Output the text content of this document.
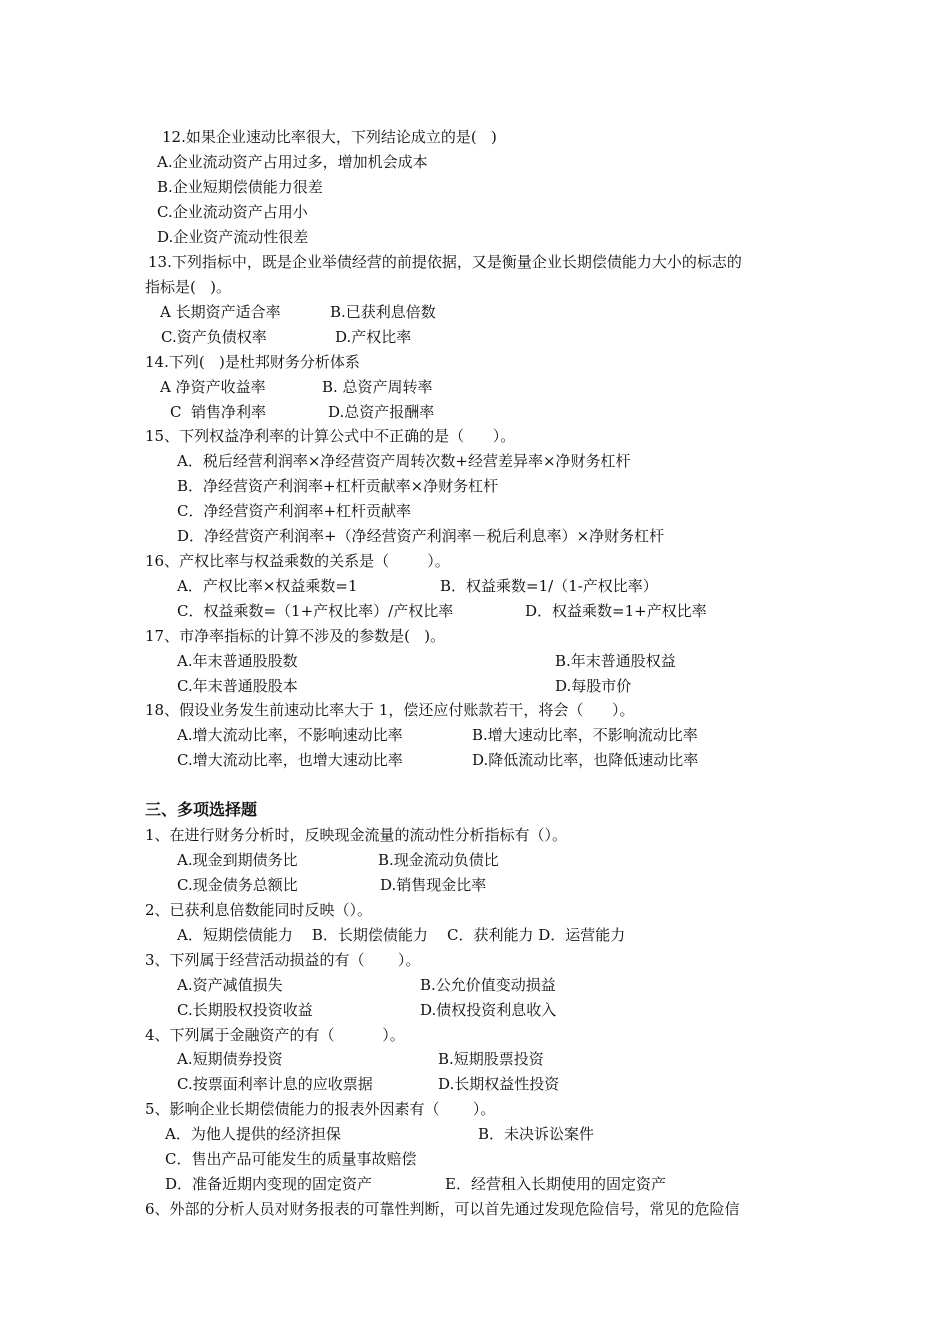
12.如果企业速动比率很大，下列结论成立的是(   )
A.企业流动资产占用过多，增加机会成本
B.企业短期偿债能力很差
C.企业流动资产占用小
D.企业资产流动性很差
13.下列指标中，既是企业举债经营的前提依据，又是衡量企业长期偿债能力大小的标志的
指标是(   )。
A 长期资产适合率	B.已获利息倍数
C.资产负债权率	D.产权比率
14.下列(   )是杜邦财务分析体系
A 净资产收益率	B. 总资产周转率
C  销售净利率	D.总资产报酬率
15、下列权益净利率的计算公式中不正确的是（      ）。
A．税后经营利润率×净经营资产周转次数+经营差异率×净财务杠杆
B．净经营资产利润率+杠杆贡献率×净财务杠杆
C．净经营资产利润率+杠杆贡献率
D．净经营资产利润率+（净经营资产利润率－税后利息率）×净财务杠杆
16、产权比率与权益乘数的关系是（        ）。
A．产权比率×权益乘数=1	B．权益乘数=1/（1-产权比率）
C．权益乘数=（1+产权比率）/产权比率	D．权益乘数=1+产权比率
17、市净率指标的计算不涉及的参数是(   )。
A.年末普通股股数	B.年末普通股权益
C.年末普通股股本	D.每股市价
18、假设业务发生前速动比率大于 1，偿还应付账款若干，将会（      ）。
A.增大流动比率，不影响速动比率	B.增大速动比率，不影响流动比率
C.增大流动比率，也增大速动比率	D.降低流动比率，也降低速动比率
三、多项选择题
1、在进行财务分析时，反映现金流量的流动性分析指标有（）。
A.现金到期债务比	B.现金流动负债比
C.现金债务总额比	D.销售现金比率
2、已获利息倍数能同时反映（）。
A．短期偿债能力    B．长期偿债能力    C．获利能力 D．运营能力
3、下列属于经营活动损益的有（       ）。
A.资产减值损失	B.公允价值变动损益
C.长期股权投资收益	D.债权投资利息收入
4、下列属于金融资产的有（          ）。
A.短期债券投资	B.短期股票投资
C.按票面利率计息的应收票据	D.长期权益性投资
5、影响企业长期偿债能力的报表外因素有（       ）。
A．为他人提供的经济担保	B．未决诉讼案件
C．售出产品可能发生的质量事故赔偿
D．准备近期内变现的固定资产	E．经营租入长期使用的固定资产
6、外部的分析人员对财务报表的可靠性判断，可以首先通过发现危险信号，常见的危险信
